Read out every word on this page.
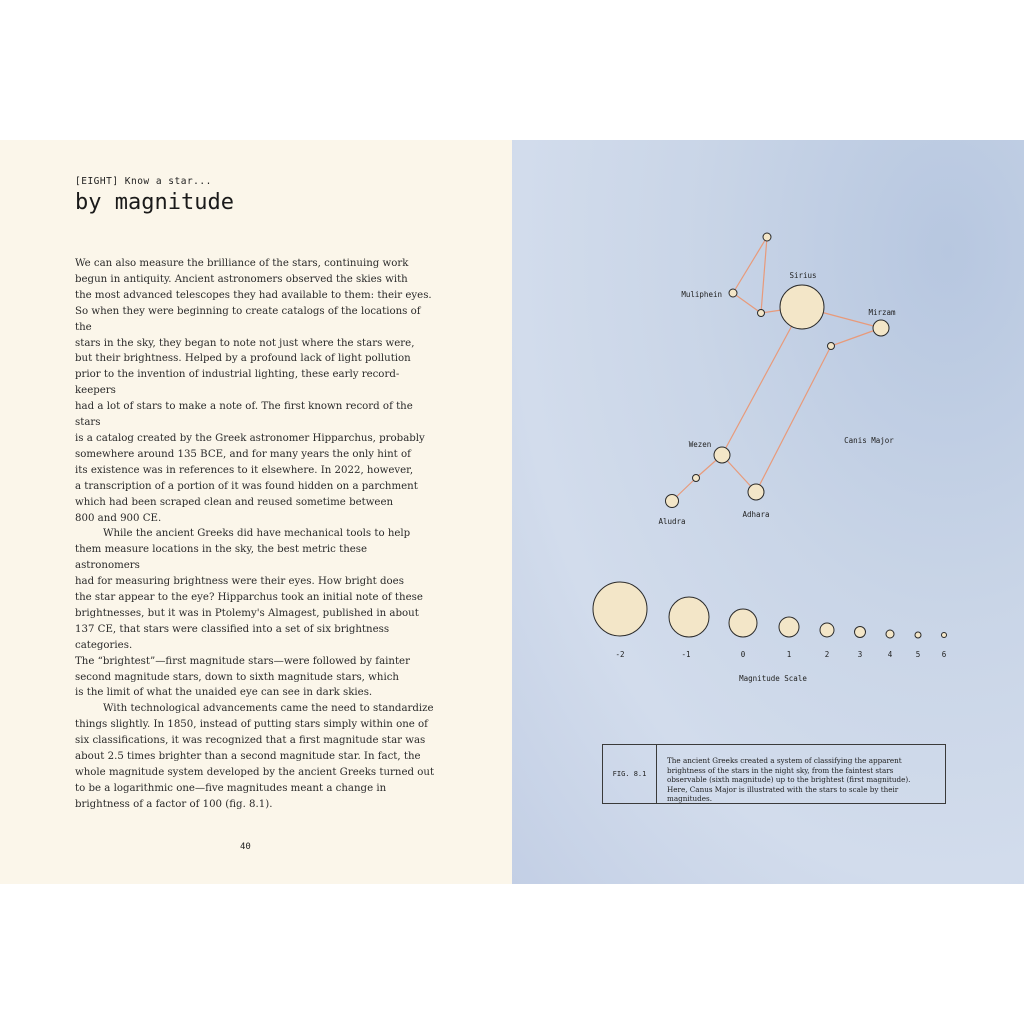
[EIGHT] Know a star...
by magnitude

We can also measure the brilliance of the stars, continuing work
begun in antiquity. Ancient astronomers observed the skies with
the most advanced telescopes they had available to them: their eyes.
So when they were beginning to create catalogs of the locations of the
stars in the sky, they began to note not just where the stars were,
but their brightness. Helped by a profound lack of light pollution
prior to the invention of industrial lighting, these early record-keepers
had a lot of stars to make a note of. The first known record of the stars
is a catalog created by the Greek astronomer Hipparchus, probably
somewhere around 135 BCE, and for many years the only hint of
its existence was in references to it elsewhere. In 2022, however,
a transcription of a portion of it was found hidden on a parchment
which had been scraped clean and reused sometime between
800 and 900 CE.

While the ancient Greeks did have mechanical tools to help
them measure locations in the sky, the best metric these astronomers
had for measuring brightness were their eyes. How bright does
the star appear to the eye? Hipparchus took an initial note of these
brightnesses, but it was in Ptolemy's Almagest, published in about
137 CE, that stars were classified into a set of six brightness categories.
The “brightest”—first magnitude stars—were followed by fainter
second magnitude stars, down to sixth magnitude stars, which
is the limit of what the unaided eye can see in dark skies.

With technological advancements came the need to standardize
things slightly. In 1850, instead of putting stars simply within one of
six classifications, it was recognized that a first magnitude star was
about 2.5 times brighter than a second magnitude star. In fact, the
whole magnitude system developed by the ancient Greeks turned out
to be a logarithmic one—five magnitudes meant a change in
brightness of a factor of 100 (fig. 8.1).

40
Sirius
Muliphein
Mirzam
Canis Major
Wezen
Adhara
Aludra
-2	-1	0	1	2	3	4	5	6
Magnitude Scale
FIG. 8.1
The ancient Greeks created a system of classifying the apparent brightness of the stars in the night sky, from the faintest stars observable (sixth magnitude) up to the brightest (first magnitude). Here, Canus Major is illustrated with the stars to scale by their magnitudes.
